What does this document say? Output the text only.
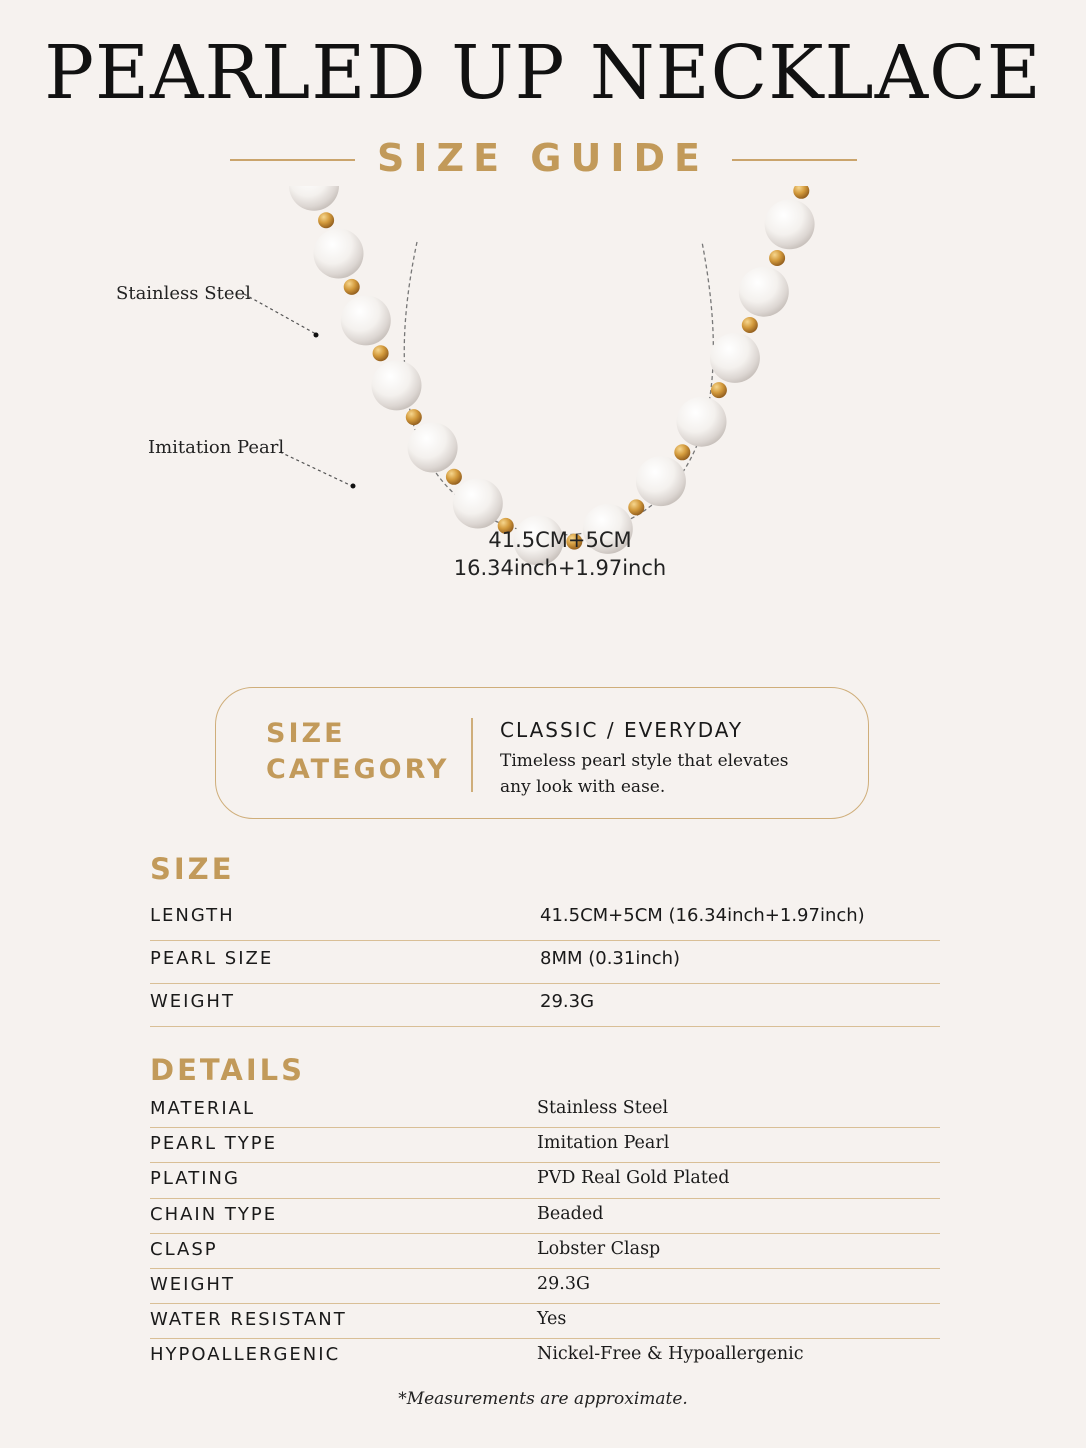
PEARLED UP NECKLACE
SIZE GUIDE
Stainless Steel
Imitation Pearl
41.5CM+5CM
16.34inch+1.97inch
SIZE
CATEGORY
CLASSIC / EVERYDAY
Timeless pearl style that elevates
any look with ease.
SIZE
LENGTH	41.5CM+5CM (16.34inch+1.97inch)
PEARL SIZE	8MM (0.31inch)
WEIGHT	29.3G
DETAILS
MATERIAL	Stainless Steel
PEARL TYPE	Imitation Pearl
PLATING	PVD Real Gold Plated
CHAIN TYPE	Beaded
CLASP	Lobster Clasp
WEIGHT	29.3G
WATER RESISTANT	Yes
HYPOALLERGENIC	Nickel-Free & Hypoallergenic
*Measurements are approximate.
